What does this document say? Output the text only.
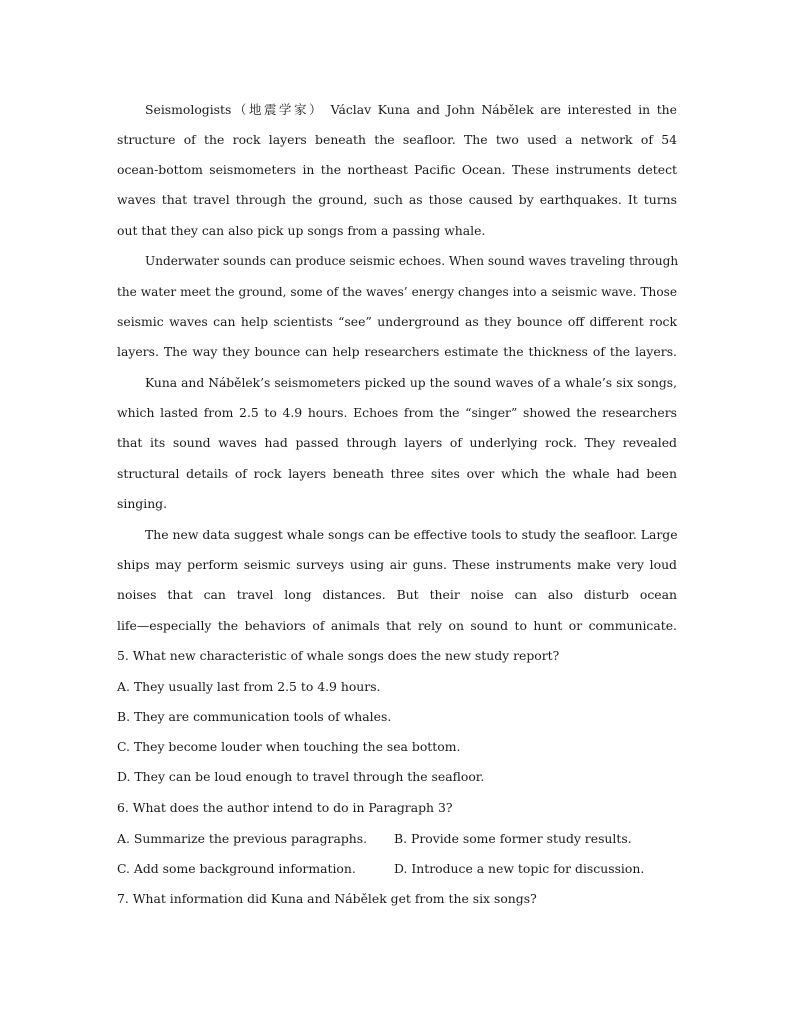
Seismologists（地震学家） Václav Kuna and John Nábělek are interested in the
structure of the rock layers beneath the seafloor. The two used a network of 54
ocean-bottom seismometers in the northeast Pacific Ocean. These instruments detect
waves that travel through the ground, such as those caused by earthquakes. It turns
out that they can also pick up songs from a passing whale.
Underwater sounds can produce seismic echoes. When sound waves traveling through
the water meet the ground, some of the waves’ energy changes into a seismic wave. Those
seismic waves can help scientists “see” underground as they bounce off different rock
layers. The way they bounce can help researchers estimate the thickness of the layers.
Kuna and Nábělek’s seismometers picked up the sound waves of a whale’s six songs,
which lasted from 2.5 to 4.9 hours. Echoes from the “singer” showed the researchers
that its sound waves had passed through layers of underlying rock. They revealed
structural details of rock layers beneath three sites over which the whale had been
singing.
The new data suggest whale songs can be effective tools to study the seafloor. Large
ships may perform seismic surveys using air guns. These instruments make very loud
noises that can travel long distances. But their noise can also disturb ocean
life—especially the behaviors of animals that rely on sound to hunt or communicate.
5. What new characteristic of whale songs does the new study report?
A. They usually last from 2.5 to 4.9 hours.
B. They are communication tools of whales.
C. They become louder when touching the sea bottom.
D. They can be loud enough to travel through the seafloor.
6. What does the author intend to do in Paragraph 3?
A. Summarize the previous paragraphs. B. Provide some former study results.
C. Add some background information.	D. Introduce a new topic for discussion.
7. What information did Kuna and Nábělek get from the six songs?
